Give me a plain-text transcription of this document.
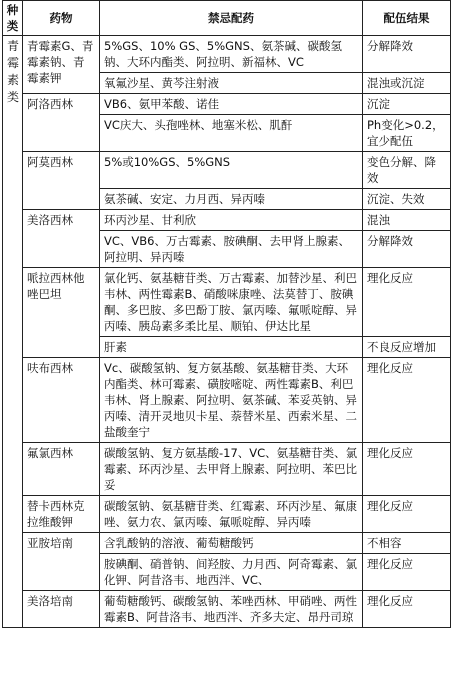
种类	药物	禁忌配药	配伍结果
青霉素类	青霉素G、青霉素钠、青霉素钾	5%GS、10% GS、5%GNS、氨茶碱、碳酸氢钠、大环内酯类、阿拉明、新福林、VC	分解降效
		氧氟沙星、黄芩注射液	混浊或沉淀
	阿洛西林	VB6、氨甲苯酸、诺佳	沉淀
		VC庆大、头孢唑林、地塞米松、肌酐	Ph变化>0.2，宜少配伍
	阿莫西林	5%或10%GS、5%GNS	变色分解、降效
		氨茶碱、安定、力月西、异丙嗪	沉淀、失效
	美洛西林	环丙沙星、甘利欣	混浊
		VC、VB6、万古霉素、胺碘酮、去甲肾上腺素、阿拉明、异丙嗪	分解降效
	哌拉西林他唑巴坦	氯化钙、氨基糖苷类、万古霉素、加替沙星、利巴韦林、两性霉素B、硝酸咪康唑、法莫替丁、胺碘酮、多巴胺、多巴酚丁胺、氯丙嗪、氟哌啶醇、异丙嗪、胰岛素多柔比星、顺铂、伊达比星	理化反应
		肝素	不良反应增加
	呋布西林	Vc、碳酸氢钠、复方氨基酸、氨基糖苷类、大环内酯类、林可霉素、磺胺嘧啶、两性霉素B、利巴韦林、肾上腺素、阿拉明、氨茶碱、苯妥英钠、异丙嗪、清开灵地贝卡星、萘替米星、西索米星、二盐酸奎宁	理化反应
	氟氯西林	碳酸氢钠、复方氨基酸-17、VC、氨基糖苷类、氯霉素、环丙沙星、去甲肾上腺素、阿拉明、苯巴比妥	理化反应
	替卡西林克拉维酸钾	碳酸氢钠、氨基糖苷类、红霉素、环丙沙星、氟康唑、氨力农、氯丙嗪、氟哌啶醇、异丙嗪	理化反应
	亚胺培南	含乳酸钠的溶液、葡萄糖酸钙	不相容
		胺碘酮、硝普钠、间羟胺、力月西、阿奇霉素、氯化钾、阿昔洛韦、地西泮、VC、	理化反应
	美洛培南	葡萄糖酸钙、碳酸氢钠、苯唑西林、甲硝唑、两性霉素B、阿昔洛韦、地西泮、齐多夫定、昂丹司琼	理化反应
